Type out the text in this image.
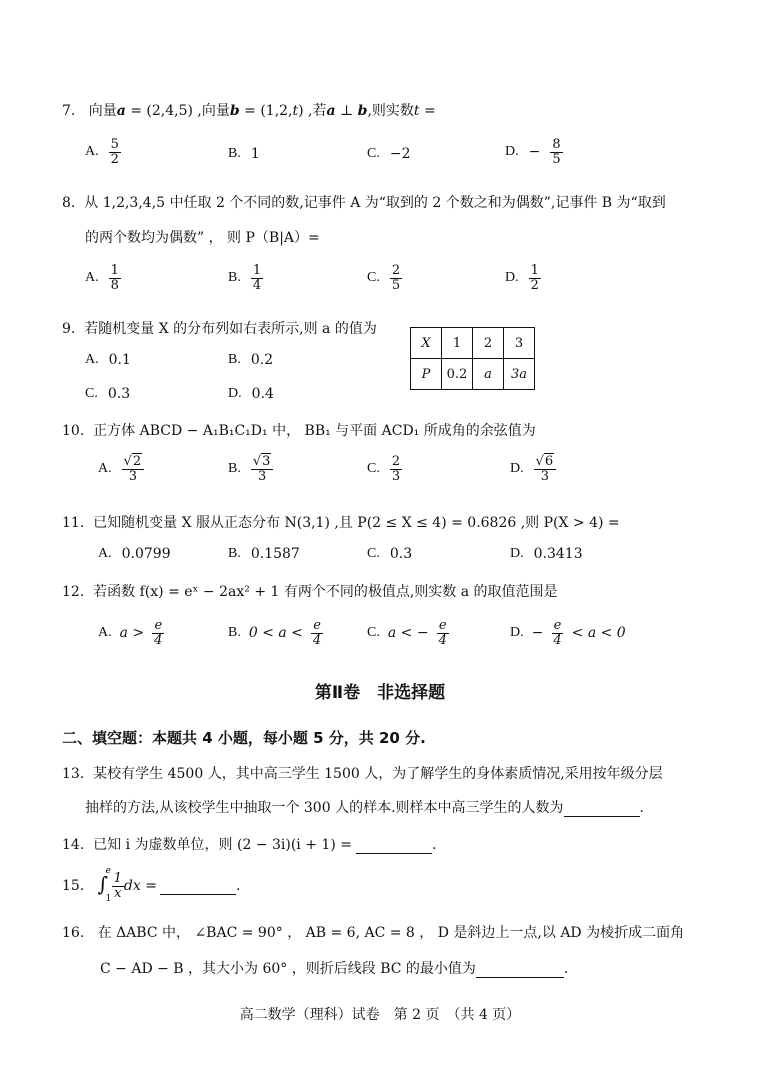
7. 向量a = (2,4,5) ,向量b = (1,2,t) ,若a ⊥ b,则实数t =
A. $\frac{5}{2}$	B. 1	C. −2	D. − $\frac{8}{5}$
8. 从 1,2,3,4,5 中任取 2 个不同的数,记事件 A 为“取到的 2 个数之和为偶数”,记事件 B 为“取到
的两个数均为偶数” ， 则 P（B|A）=
A. $\frac{1}{8}$	B. $\frac{1}{4}$	C. $\frac{2}{5}$	D. $\frac{1}{2}$
9. 若随机变量 X 的分布列如右表所示,则 a 的值为
A. 0.1	B. 0.2
C. 0.3	D. 0.4
X	1	2	3
P	0.2	a	3a
10. 正方体 ABCD − A₁B₁C₁D₁ 中， BB₁ 与平面 ACD₁ 所成角的余弦值为
A. $\frac{√2}{3}$	B. $\frac{√3}{3}$	C. $\frac{2}{3}$	D. $\frac{√6}{3}$
11. 已知随机变量 X 服从正态分布 N(3,1) ,且 P(2 ≤ X ≤ 4) = 0.6826 ,则 P(X > 4) =
A. 0.0799	B. 0.1587	C. 0.3	D. 0.3413
12. 若函数 f(x) = eˣ − 2ax² + 1 有两个不同的极值点,则实数 a 的取值范围是
A. $a > \frac{e}{4}$	B. $0 < a < \frac{e}{4}$	C. a < − $\frac{e}{4}$	D. − $\frac{e}{4} < a < 0$
第Ⅱ卷　非选择题
二、填空题：本题共 4 小题，每小题 5 分，共 20 分.
13. 某校有学生 4500 人，其中高三学生 1500 人，为了解学生的身体素质情况,采用按年级分层
抽样的方法,从该校学生中抽取一个 300 人的样本.则样本中高三学生的人数为	.
14. 已知 i 为虚数单位，则 (2 − 3i)(i + 1) =	.
15.
∫
e
$1 \frac{1}{x}$ dx =	.
16. 在 ΔABC 中， ∠BAC = 90° ， AB = 6, AC = 8 ， D 是斜边上一点,以 AD 为棱折成二面角
C − AD − B ，其大小为 60° ，则折后线段 BC 的最小值为	.
高二数学（理科）试卷　第 2 页　（共 4 页）
